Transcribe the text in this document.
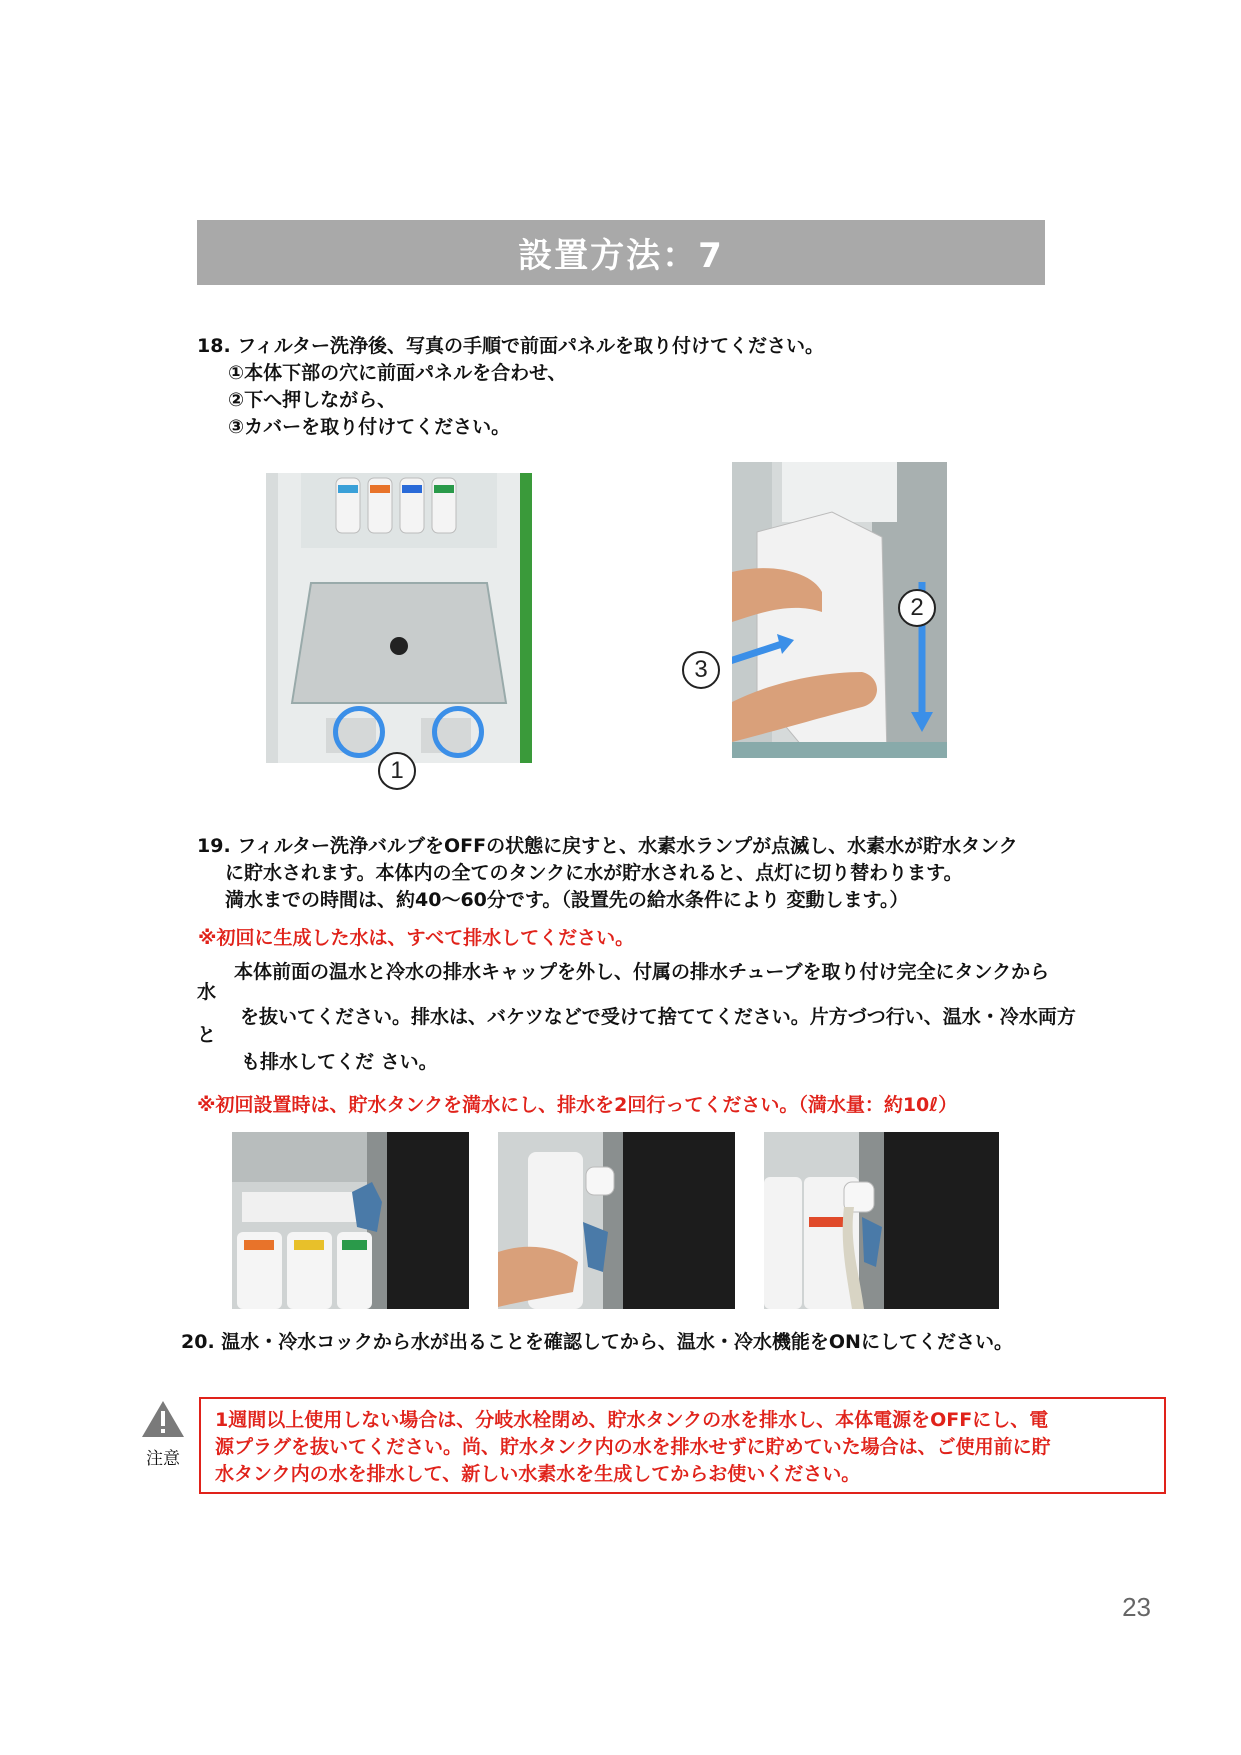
設置方法：7
18. フィルター洗浄後、写真の手順で前面パネルを取り付けてください。
①本体下部の穴に前面パネルを合わせ、
②下へ押しながら、
③カバーを取り付けてください。
1
2
3
19. フィルター洗浄バルブをOFFの状態に戻すと、水素水ランプが点滅し、水素水が貯水タンク
に貯水されます。本体内の全てのタンクに水が貯水されると、点灯に切り替わります。
満水までの時間は、約40～60分です。（設置先の給水条件により 変動します。）
※初回に生成した水は、すべて排水してください。
水
と
本体前面の温水と冷水の排水キャップを外し、付属の排水チューブを取り付け完全にタンクから
を抜いてください。排水は、バケツなどで受けて捨ててください。片方づつ行い、温水・冷水両方
も排水してくだ さい。
※初回設置時は、貯水タンクを満水にし、排水を2回行ってください。（満水量：約10ℓ）
20. 温水・冷水コックから水が出ることを確認してから、温水・冷水機能をONにしてください。
注意
1週間以上使用しない場合は、分岐水栓閉め、貯水タンクの水を排水し、本体電源をOFFにし、電
源プラグを抜いてください。尚、貯水タンク内の水を排水せずに貯めていた場合は、ご使用前に貯
水タンク内の水を排水して、新しい水素水を生成してからお使いください。
23
